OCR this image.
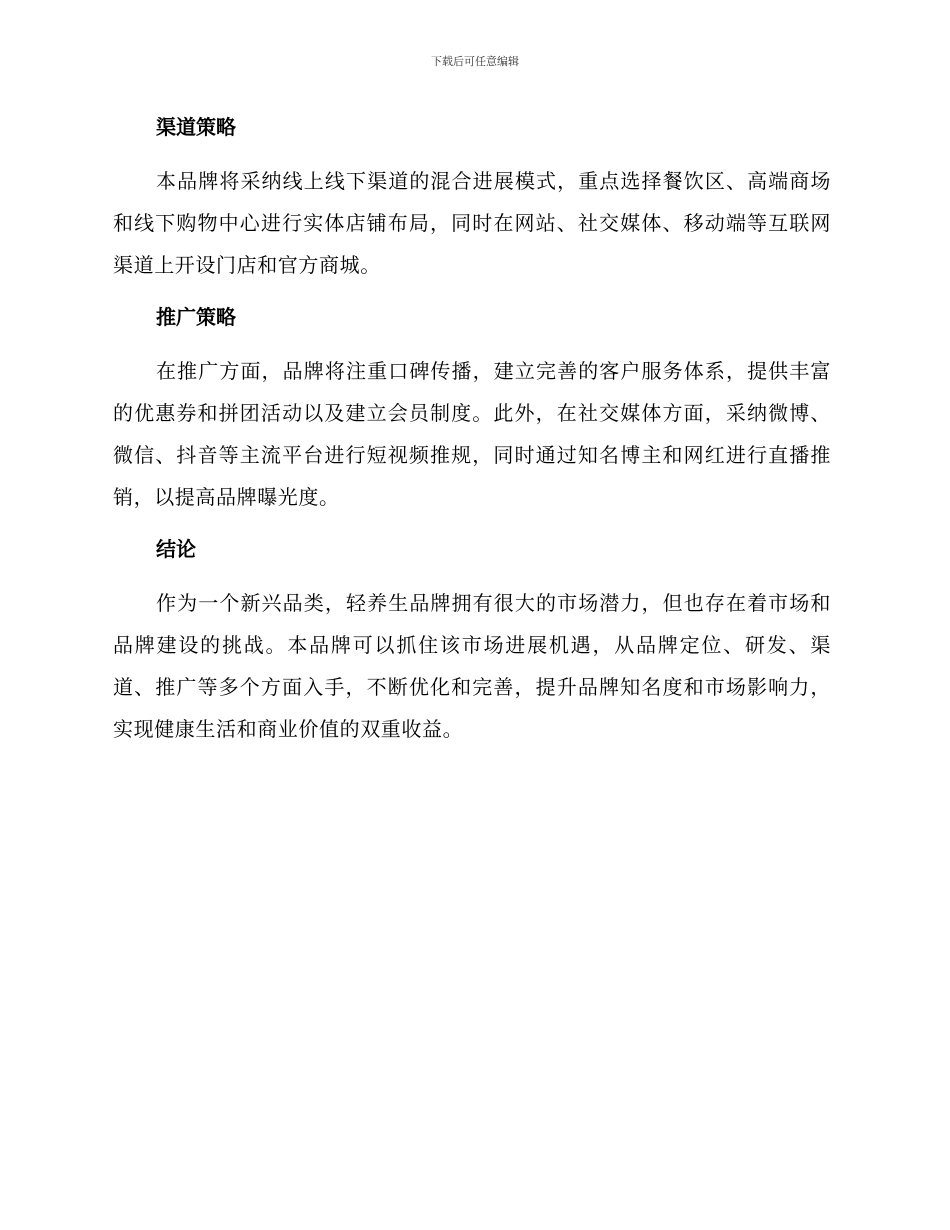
下载后可任意编辑
渠道策略

本品牌将采纳线上线下渠道的混合进展模式，重点选择餐饮区、高端商场和线下购物中心进行实体店铺布局，同时在网站、社交媒体、移动端等互联网渠道上开设门店和官方商城。

推广策略

在推广方面，品牌将注重口碑传播，建立完善的客户服务体系，提供丰富的优惠券和拼团活动以及建立会员制度。此外，在社交媒体方面，采纳微博、微信、抖音等主流平台进行短视频推规，同时通过知名博主和网红进行直播推销，以提高品牌曝光度。

结论

作为一个新兴品类，轻养生品牌拥有很大的市场潜力，但也存在着市场和品牌建设的挑战。本品牌可以抓住该市场进展机遇，从品牌定位、研发、渠道、推广等多个方面入手，不断优化和完善，提升品牌知名度和市场影响力，实现健康生活和商业价值的双重收益。
